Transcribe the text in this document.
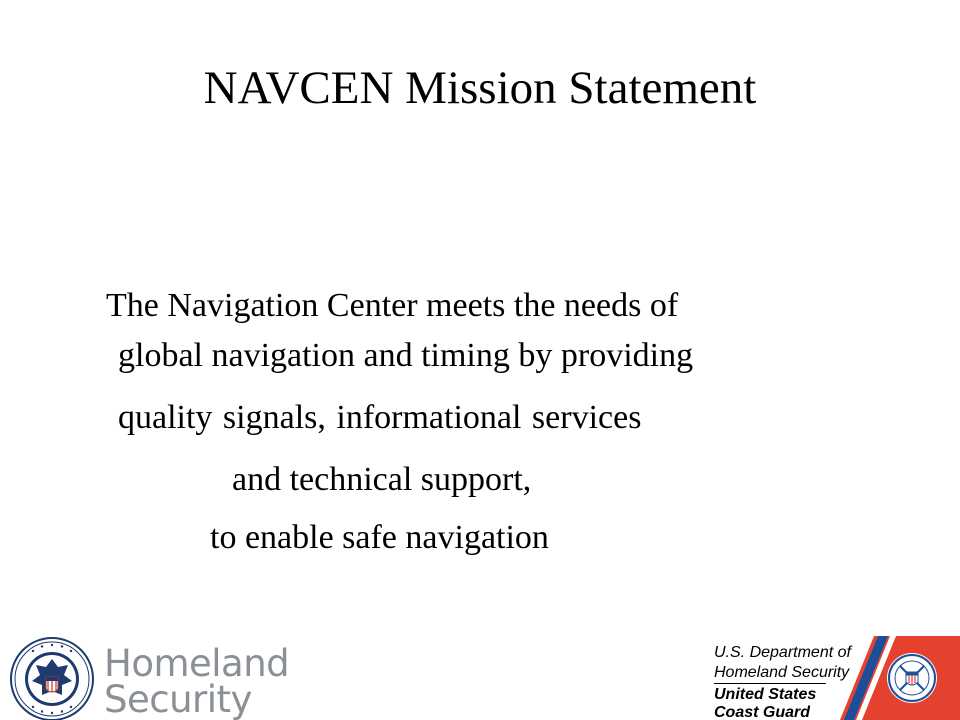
NAVCEN Mission Statement
The Navigation Center meets the needs of
global navigation and timing by providing
quality signals, informational services
and technical support,
to enable safe navigation
Homeland
Security
U.S. Department of
Homeland Security
United States
Coast Guard
